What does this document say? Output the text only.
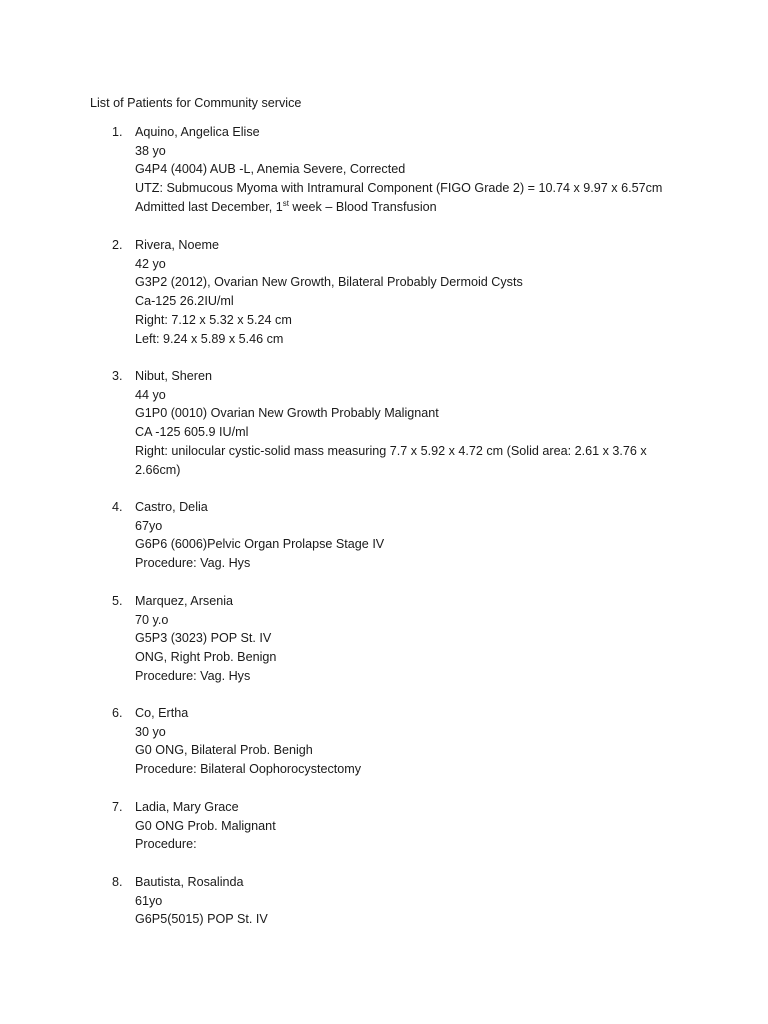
List of Patients for Community service
1. Aquino, Angelica Elise
38 yo
G4P4 (4004) AUB -L, Anemia Severe, Corrected
UTZ: Submucous Myoma with Intramural Component (FIGO Grade 2) = 10.74 x 9.97 x 6.57cm
Admitted last December, 1st week – Blood Transfusion
2. Rivera, Noeme
42 yo
G3P2 (2012), Ovarian New Growth, Bilateral Probably Dermoid Cysts
Ca-125 26.2IU/ml
Right: 7.12 x 5.32 x 5.24 cm
Left: 9.24 x 5.89 x 5.46 cm
3. Nibut, Sheren
44 yo
G1P0 (0010) Ovarian New Growth Probably Malignant
CA -125 605.9 IU/ml
Right: unilocular cystic-solid mass measuring 7.7 x 5.92 x 4.72 cm (Solid area: 2.61 x 3.76 x 2.66cm)
4. Castro, Delia
67yo
G6P6 (6006)Pelvic Organ Prolapse Stage IV
Procedure: Vag. Hys
5. Marquez, Arsenia
70 y.o
G5P3 (3023) POP St. IV
ONG, Right Prob. Benign
Procedure: Vag. Hys
6. Co, Ertha
30 yo
G0 ONG, Bilateral Prob. Benigh
Procedure: Bilateral Oophorocystectomy
7. Ladia, Mary Grace
G0 ONG Prob. Malignant
Procedure:
8. Bautista, Rosalinda
61yo
G6P5(5015) POP St. IV
